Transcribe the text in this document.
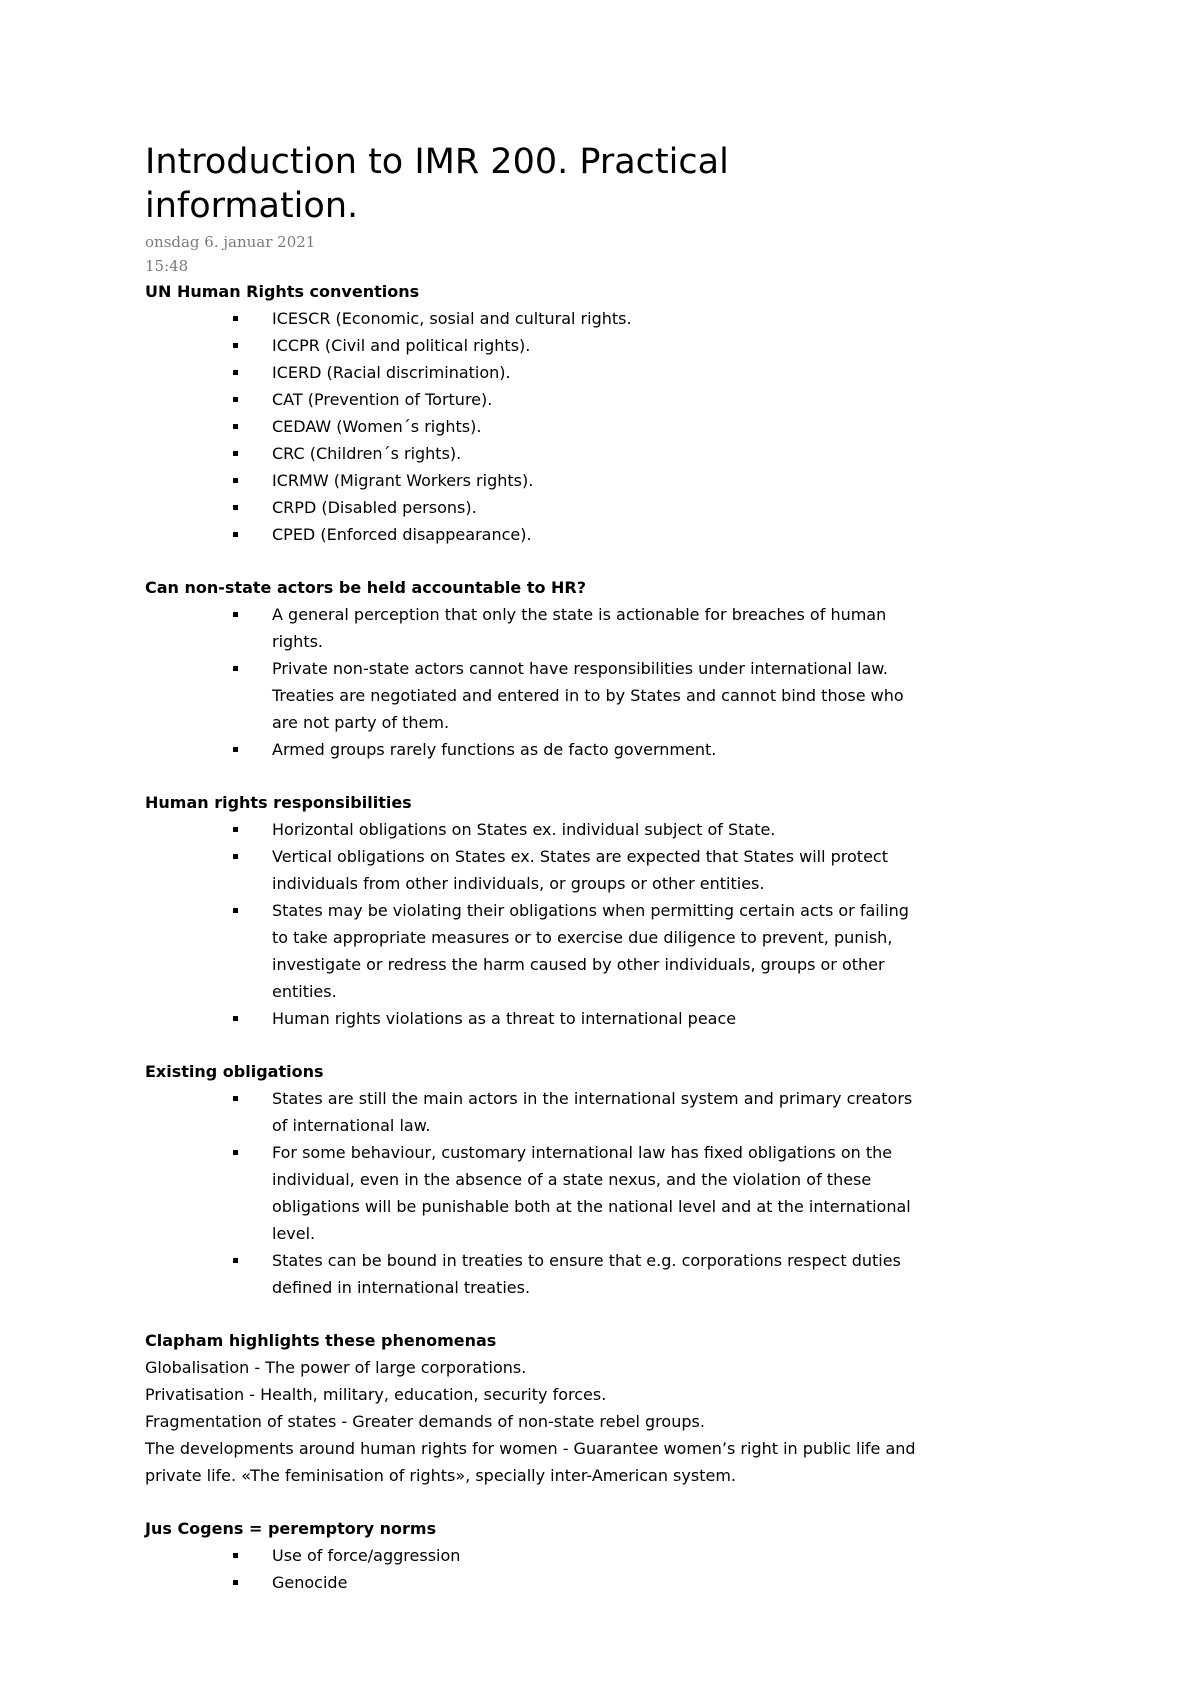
Introduction to IMR 200. Practical information.
onsdag 6. januar 2021
15:48
UN Human Rights conventions
ICESCR (Economic, sosial and cultural rights.
ICCPR (Civil and political rights).
ICERD (Racial discrimination).
CAT (Prevention of Torture).
CEDAW (Women´s rights).
CRC (Children´s rights).
ICRMW (Migrant Workers rights).
CRPD (Disabled persons).
CPED (Enforced disappearance).
Can non-state actors be held accountable to HR?
A general perception that only the state is actionable for breaches of human rights.
Private non-state actors cannot have responsibilities under international law. Treaties are negotiated and entered in to by States and cannot bind those who are not party of them.
Armed groups rarely functions as de facto government.
Human rights responsibilities
Horizontal obligations on States ex. individual subject of State.
Vertical obligations on States ex. States are expected that States will protect individuals from other individuals, or groups or other entities.
States may be violating their obligations when permitting certain acts or failing to take appropriate measures or to exercise due diligence to prevent, punish, investigate or redress the harm caused by other individuals, groups or other entities.
Human rights violations as a threat to international peace
Existing obligations
States are still the main actors in the international system and primary creators of international law.
For some behaviour, customary international law has fixed obligations on the individual, even in the absence of a state nexus, and the violation of these obligations will be punishable both at the national level and at the international level.
States can be bound in treaties to ensure that e.g. corporations respect duties defined in international treaties.
Clapham highlights these phenomenas
Globalisation - The power of large corporations.
Privatisation - Health, military, education, security forces.
Fragmentation of states - Greater demands of non-state rebel groups.
The developments around human rights for women - Guarantee women’s right in public life and private life. «The feminisation of rights», specially inter-American system.
Jus Cogens = peremptory norms
Use of force/aggression
Genocide
